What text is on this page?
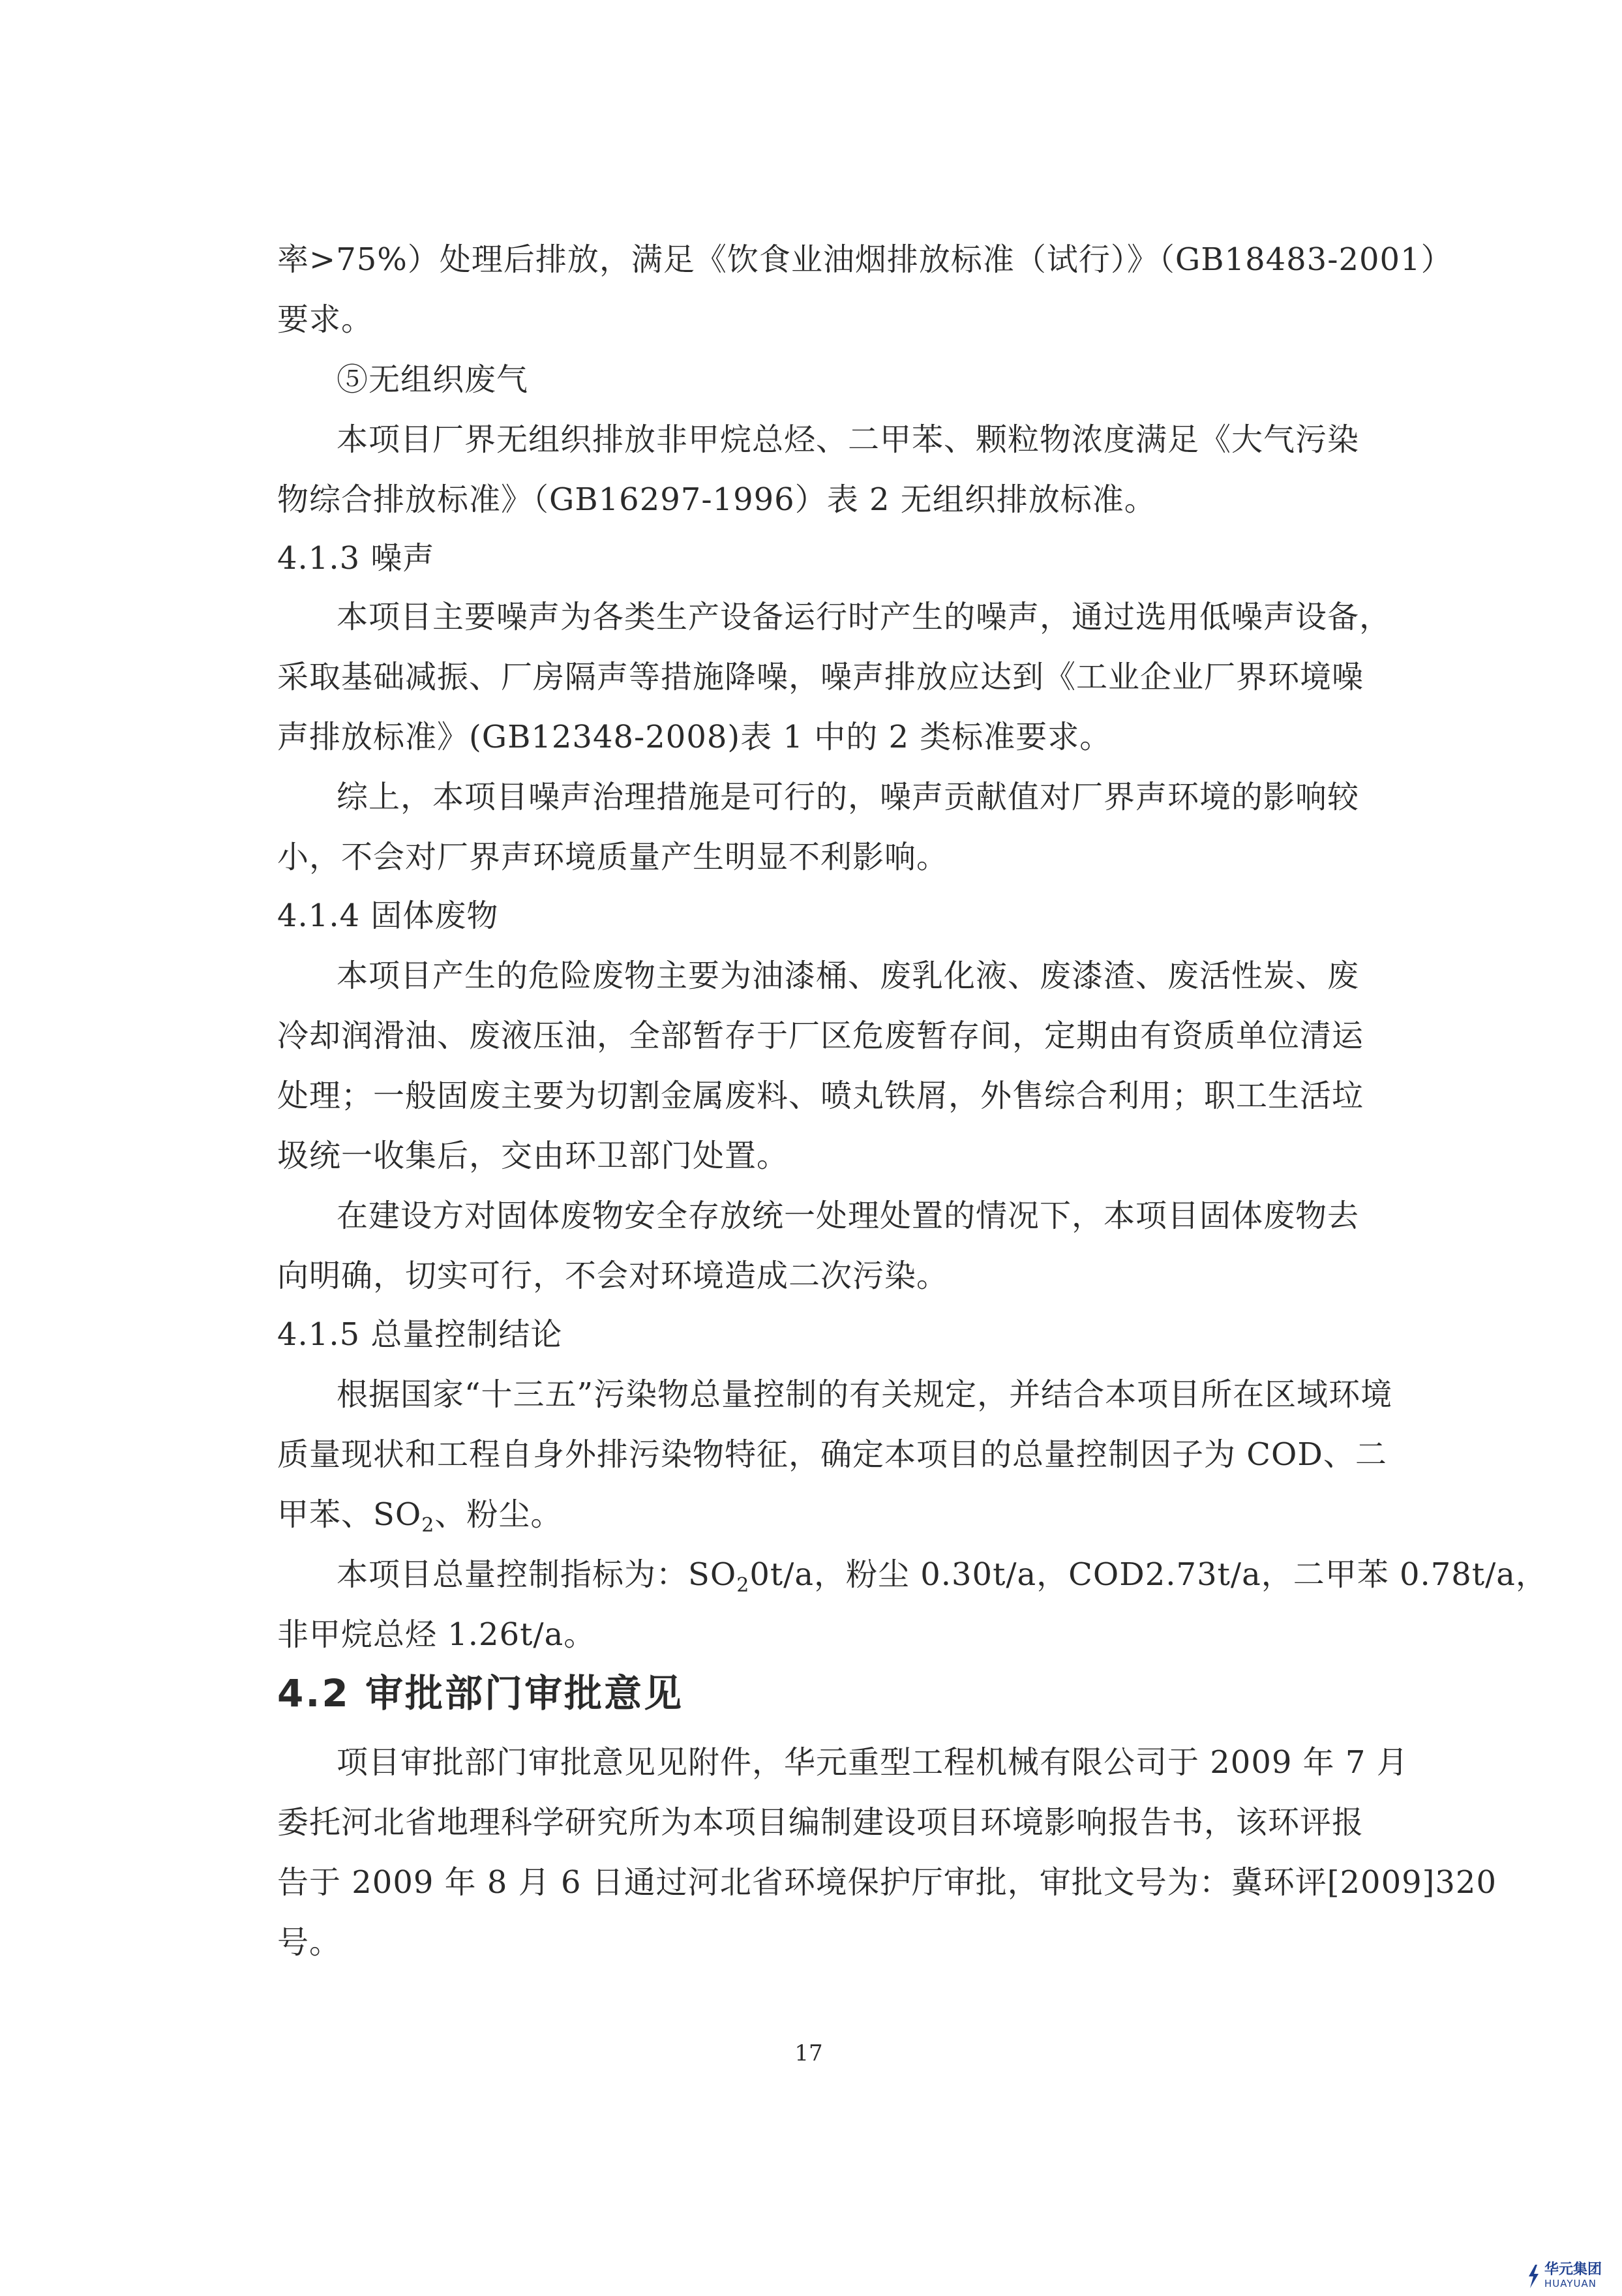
率>75%）处理后排放，满足《饮食业油烟排放标准（试行）》（GB18483-2001）
要求。
⑤无组织废气
本项目厂界无组织排放非甲烷总烃、二甲苯、颗粒物浓度满足《大气污染
物综合排放标准》（GB16297-1996）表 2 无组织排放标准。
4.1.3 噪声
本项目主要噪声为各类生产设备运行时产生的噪声，通过选用低噪声设备，
采取基础减振、厂房隔声等措施降噪，噪声排放应达到《工业企业厂界环境噪
声排放标准》(GB12348-2008)表 1 中的 2 类标准要求。
综上，本项目噪声治理措施是可行的，噪声贡献值对厂界声环境的影响较
小，不会对厂界声环境质量产生明显不利影响。
4.1.4 固体废物
本项目产生的危险废物主要为油漆桶、废乳化液、废漆渣、废活性炭、废
冷却润滑油、废液压油，全部暂存于厂区危废暂存间，定期由有资质单位清运
处理；一般固废主要为切割金属废料、喷丸铁屑，外售综合利用；职工生活垃
圾统一收集后，交由环卫部门处置。
在建设方对固体废物安全存放统一处理处置的情况下，本项目固体废物去
向明确，切实可行，不会对环境造成二次污染。
4.1.5 总量控制结论
根据国家“十三五”污染物总量控制的有关规定，并结合本项目所在区域环境
质量现状和工程自身外排污染物特征，确定本项目的总量控制因子为 COD、二
甲苯、$SO_2$、粉尘。
本项目总量控制指标为：$SO_20t/a$，粉尘 0.30t/a，COD2.73t/a，二甲苯 0.78t/a，
非甲烷总烃 1.26t/a。
4.2 审批部门审批意见
项目审批部门审批意见见附件，华元重型工程机械有限公司于 2009 年 7 月
委托河北省地理科学研究所为本项目编制建设项目环境影响报告书，该环评报
告于 2009 年 8 月 6 日通过河北省环境保护厅审批，审批文号为：冀环评[2009]320
号。
17
华元集团
HUAYUAN
